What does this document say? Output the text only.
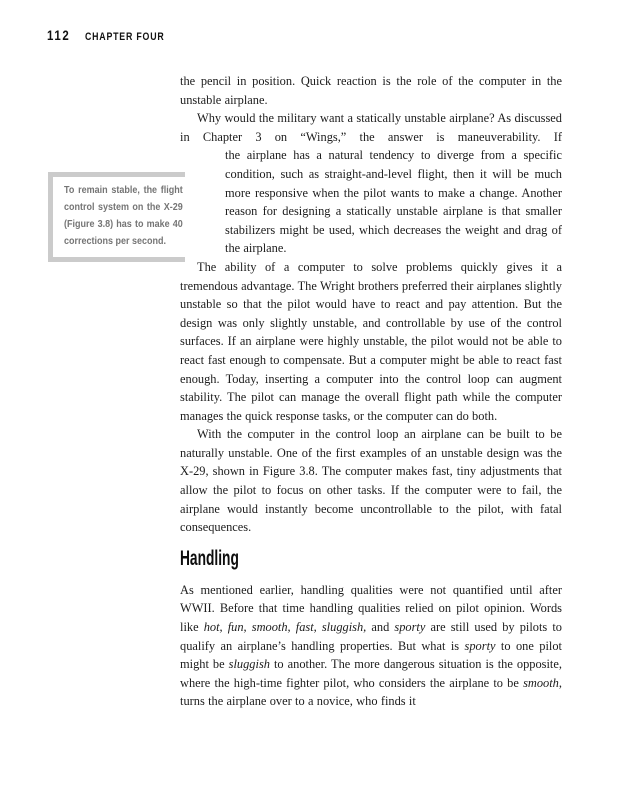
112 CHAPTER FOUR
To remain stable, the flight control system on the X-29 (Figure 3.8) has to make 40 corrections per second.

the pencil in position. Quick reaction is the role of the computer in the unstable airplane.

Why would the military want a statically unstable airplane? As discussed in Chapter 3 on “Wings,” the answer is maneuverability. If

the airplane has a natural tendency to diverge from a specific condition, such as straight-and-level flight, then it will be much more responsive when the pilot wants to make a change. Another reason for designing a statically unstable airplane is that smaller stabilizers might be used, which decreases the weight and drag of the airplane.

The ability of a computer to solve problems quickly gives it a tremendous advantage. The Wright brothers preferred their airplanes slightly unstable so that the pilot would have to react and pay attention. But the design was only slightly unstable, and controllable by use of the control surfaces. If an airplane were highly unstable, the pilot would not be able to react fast enough to compensate. But a computer might be able to react fast enough. Today, inserting a computer into the control loop can augment stability. The pilot can manage the overall flight path while the computer manages the quick response tasks, or the computer can do both.

With the computer in the control loop an airplane can be built to be naturally unstable. One of the first examples of an unstable design was the X-29, shown in Figure 3.8. The computer makes fast, tiny adjustments that allow the pilot to focus on other tasks. If the computer were to fail, the airplane would instantly become uncontrollable to the pilot, with fatal consequences.

Handling

As mentioned earlier, handling qualities were not quantified until after WWII. Before that time handling qualities relied on pilot opinion. Words like hot, fun, smooth, fast, sluggish, and sporty are still used by pilots to qualify an airplane’s handling properties. But what is sporty to one pilot might be sluggish to another. The more dangerous situation is the opposite, where the high-time fighter pilot, who considers the airplane to be smooth, turns the airplane over to a novice, who finds it
